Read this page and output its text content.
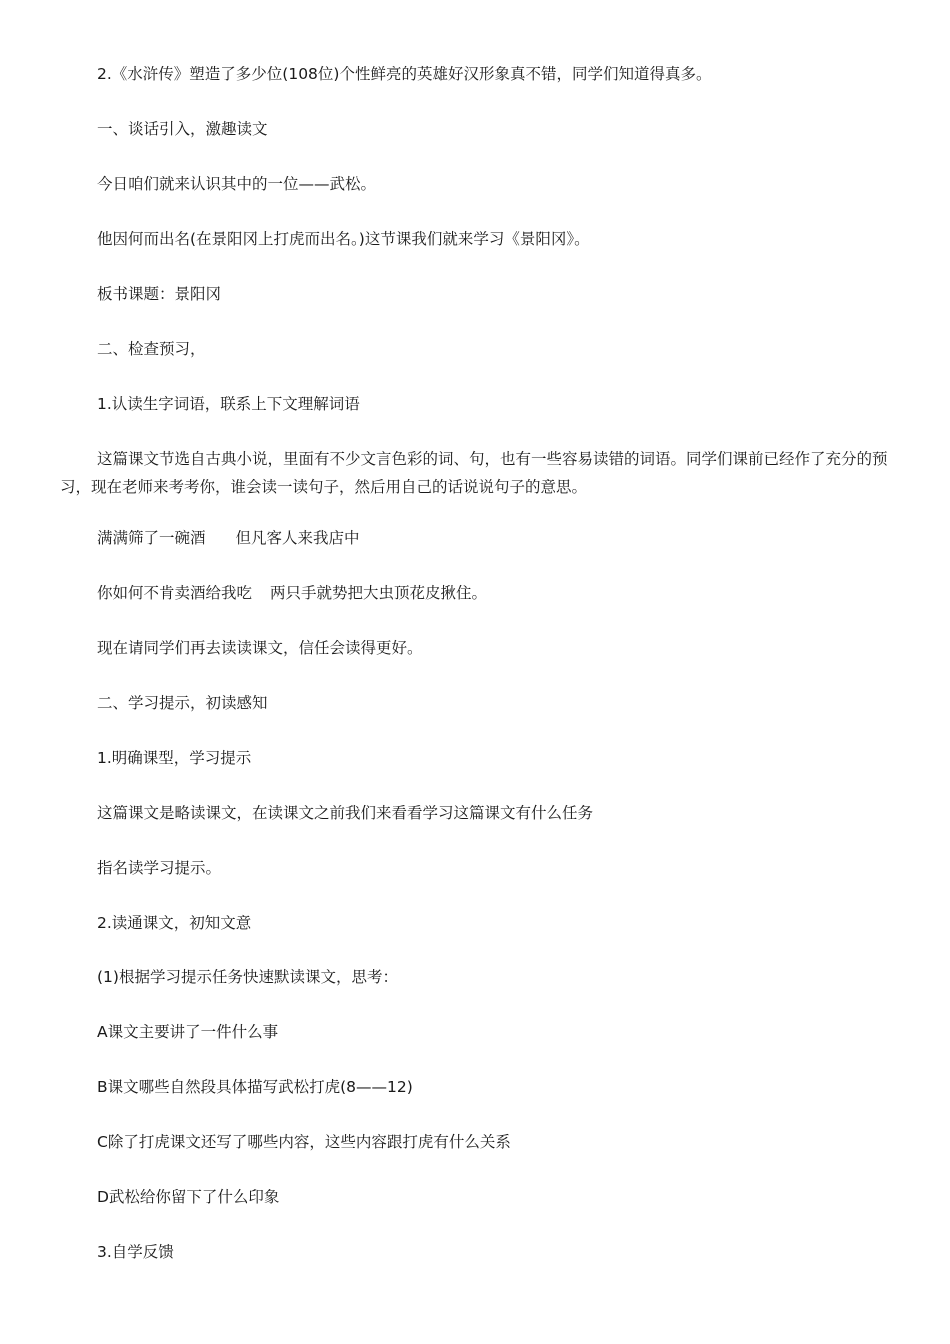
2.《水浒传》塑造了多少位(108位)个性鲜亮的英雄好汉形象真不错，同学们知道得真多。

一、谈话引入，激趣读文

今日咱们就来认识其中的一位——武松。

他因何而出名(在景阳冈上打虎而出名。)这节课我们就来学习《景阳冈》。

板书课题：景阳冈

二、检查预习，

1.认读生字词语，联系上下文理解词语

这篇课文节选自古典小说，里面有不少文言色彩的词、句，也有一些容易读错的词语。同学们课前已经作了充分的预习，现在老师来考考你，谁会读一读句子，然后用自己的话说说句子的意思。

满满筛了一碗酒 但凡客人来我店中

你如何不肯卖酒给我吃 两只手就势把大虫顶花皮揪住。

现在请同学们再去读读课文，信任会读得更好。

二、学习提示，初读感知

1.明确课型，学习提示

这篇课文是略读课文，在读课文之前我们来看看学习这篇课文有什么任务

指名读学习提示。

2.读通课文，初知文意

(1)根据学习提示任务快速默读课文，思考：

A课文主要讲了一件什么事

B课文哪些自然段具体描写武松打虎(8——12)

C除了打虎课文还写了哪些内容，这些内容跟打虎有什么关系

D武松给你留下了什么印象

3.自学反馈
